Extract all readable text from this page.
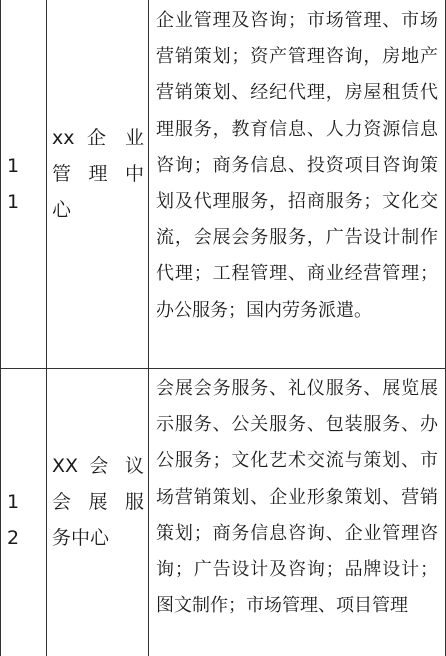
1
1
xx 企 业
管 理 中
心
企业管理及咨询；市场管理、市场营销策划；资产管理咨询，房地产营销策划、经纪代理，房屋租赁代理服务，教育信息、人力资源信息咨询；商务信息、投资项目咨询策划及代理服务，招商服务；文化交流，会展会务服务，广告设计制作代理；工程管理、商业经营管理；办公服务；国内劳务派遣。
1
2
XX 会 议
会 展 服
务中心
会展会务服务、礼仪服务、展览展示服务、公关服务、包装服务、办公服务；文化艺术交流与策划、市场营销策划、企业形象策划、营销策划；商务信息咨询、企业管理咨询；广告设计及咨询；品牌设计；图文制作；市场管理、项目管理
